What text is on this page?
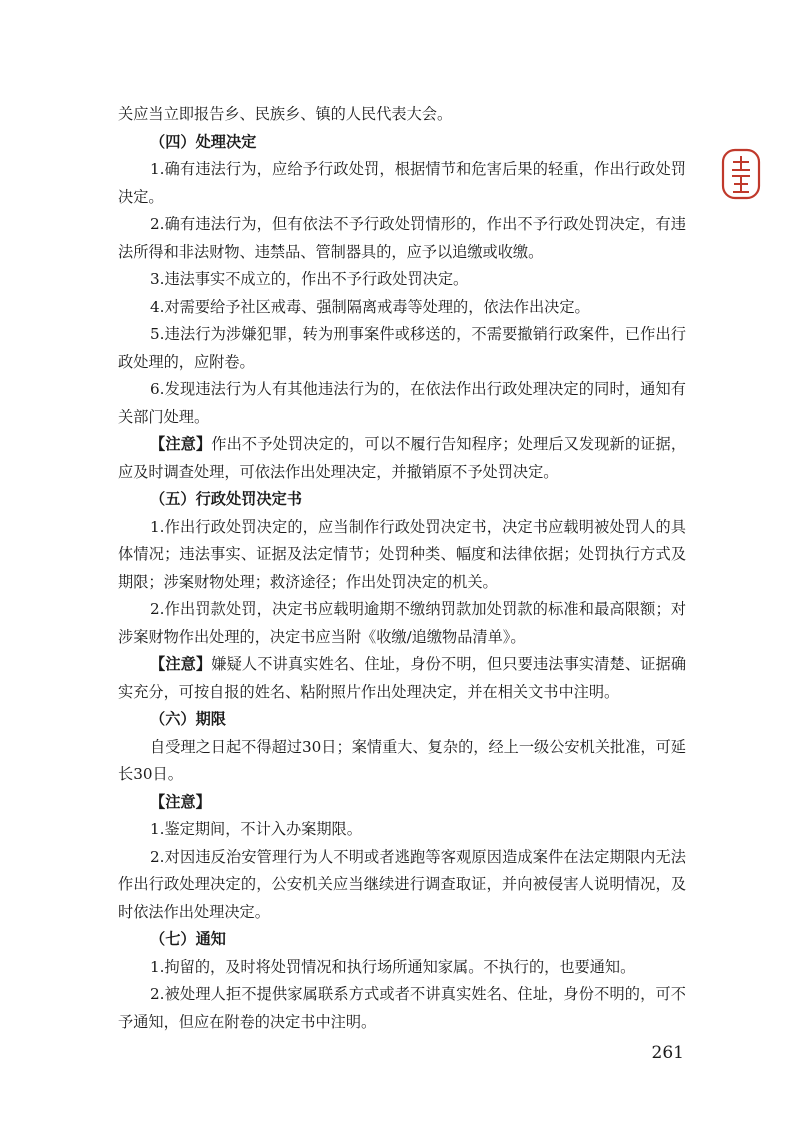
关应当立即报告乡、民族乡、镇的人民代表大会。

（四）处理决定

1.确有违法行为，应给予行政处罚，根据情节和危害后果的轻重，作出行政处罚决定。

2.确有违法行为，但有依法不予行政处罚情形的，作出不予行政处罚决定，有违法所得和非法财物、违禁品、管制器具的，应予以追缴或收缴。

3.违法事实不成立的，作出不予行政处罚决定。

4.对需要给予社区戒毒、强制隔离戒毒等处理的，依法作出决定。

5.违法行为涉嫌犯罪，转为刑事案件或移送的，不需要撤销行政案件，已作出行政处理的，应附卷。

6.发现违法行为人有其他违法行为的，在依法作出行政处理决定的同时，通知有关部门处理。

【注意】作出不予处罚决定的，可以不履行告知程序；处理后又发现新的证据，应及时调查处理，可依法作出处理决定，并撤销原不予处罚决定。

（五）行政处罚决定书

1.作出行政处罚决定的，应当制作行政处罚决定书，决定书应载明被处罚人的具体情况；违法事实、证据及法定情节；处罚种类、幅度和法律依据；处罚执行方式及期限；涉案财物处理；救济途径；作出处罚决定的机关。

2.作出罚款处罚，决定书应载明逾期不缴纳罚款加处罚款的标准和最高限额；对涉案财物作出处理的，决定书应当附《收缴/追缴物品清单》。

【注意】嫌疑人不讲真实姓名、住址，身份不明，但只要违法事实清楚、证据确实充分，可按自报的姓名、粘附照片作出处理决定，并在相关文书中注明。

（六）期限

自受理之日起不得超过30日；案情重大、复杂的，经上一级公安机关批准，可延长30日。

【注意】

1.鉴定期间，不计入办案期限。

2.对因违反治安管理行为人不明或者逃跑等客观原因造成案件在法定期限内无法作出行政处理决定的，公安机关应当继续进行调查取证，并向被侵害人说明情况，及时依法作出处理决定。

（七）通知

1.拘留的，及时将处罚情况和执行场所通知家属。不执行的，也要通知。

2.被处理人拒不提供家属联系方式或者不讲真实姓名、住址，身份不明的，可不予通知，但应在附卷的决定书中注明。

261
